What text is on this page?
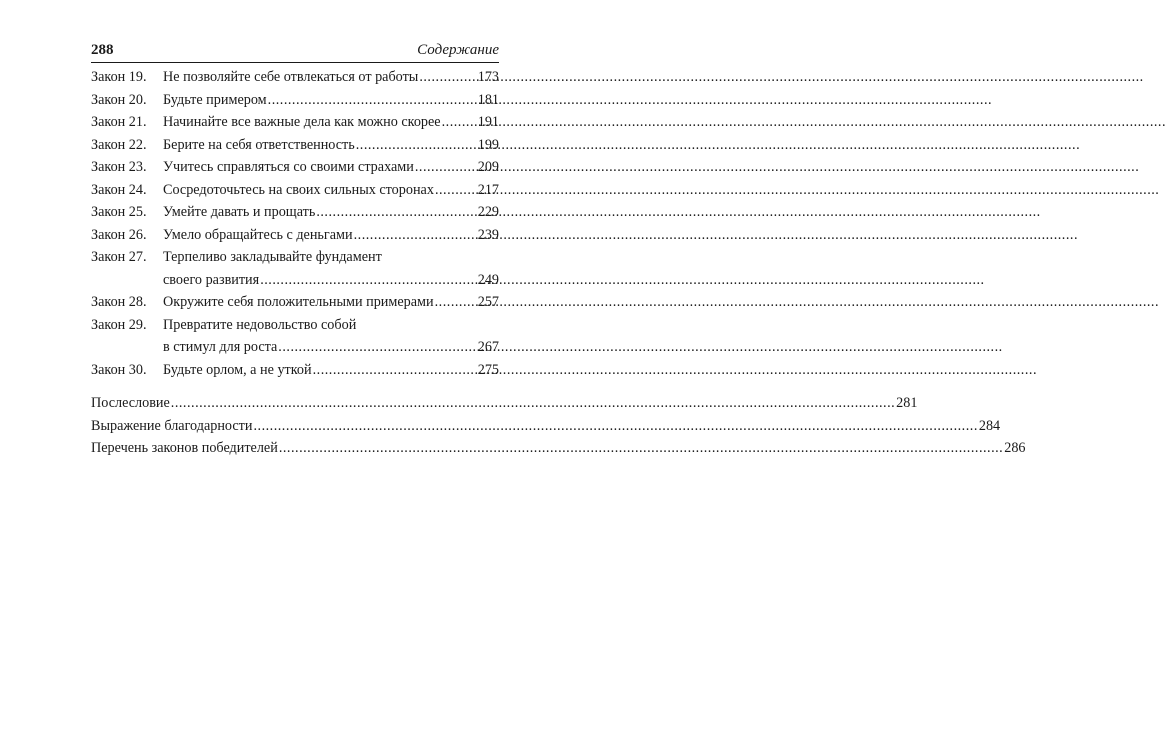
288	Содержание
Закон 19.	Не позволяйте себе отвлекаться от работы .....	173
Закон 20.	Будьте примером .....	181
Закон 21.	Начинайте все важные дела как можно скорее .....	191
Закон 22.	Берите на себя ответственность .....	199
Закон 23.	Учитесь справляться со своими страхами .....	209
Закон 24.	Сосредоточьтесь на своих сильных сторонах .....	217
Закон 25.	Умейте давать и прощать .....	229
Закон 26.	Умело обращайтесь с деньгами .....	239
Закон 27.	Терпеливо закладывайте фундамент
своего развития .....	249
Закон 28.	Окружите себя положительными примерами .....	257
Закон 29.	Превратите недовольство собой
в стимул для роста .....	267
Закон 30.	Будьте орлом, а не уткой .....	275
Послесловие .....	281
Выражение благодарности .....	284
Перечень законов победителей .....	286
